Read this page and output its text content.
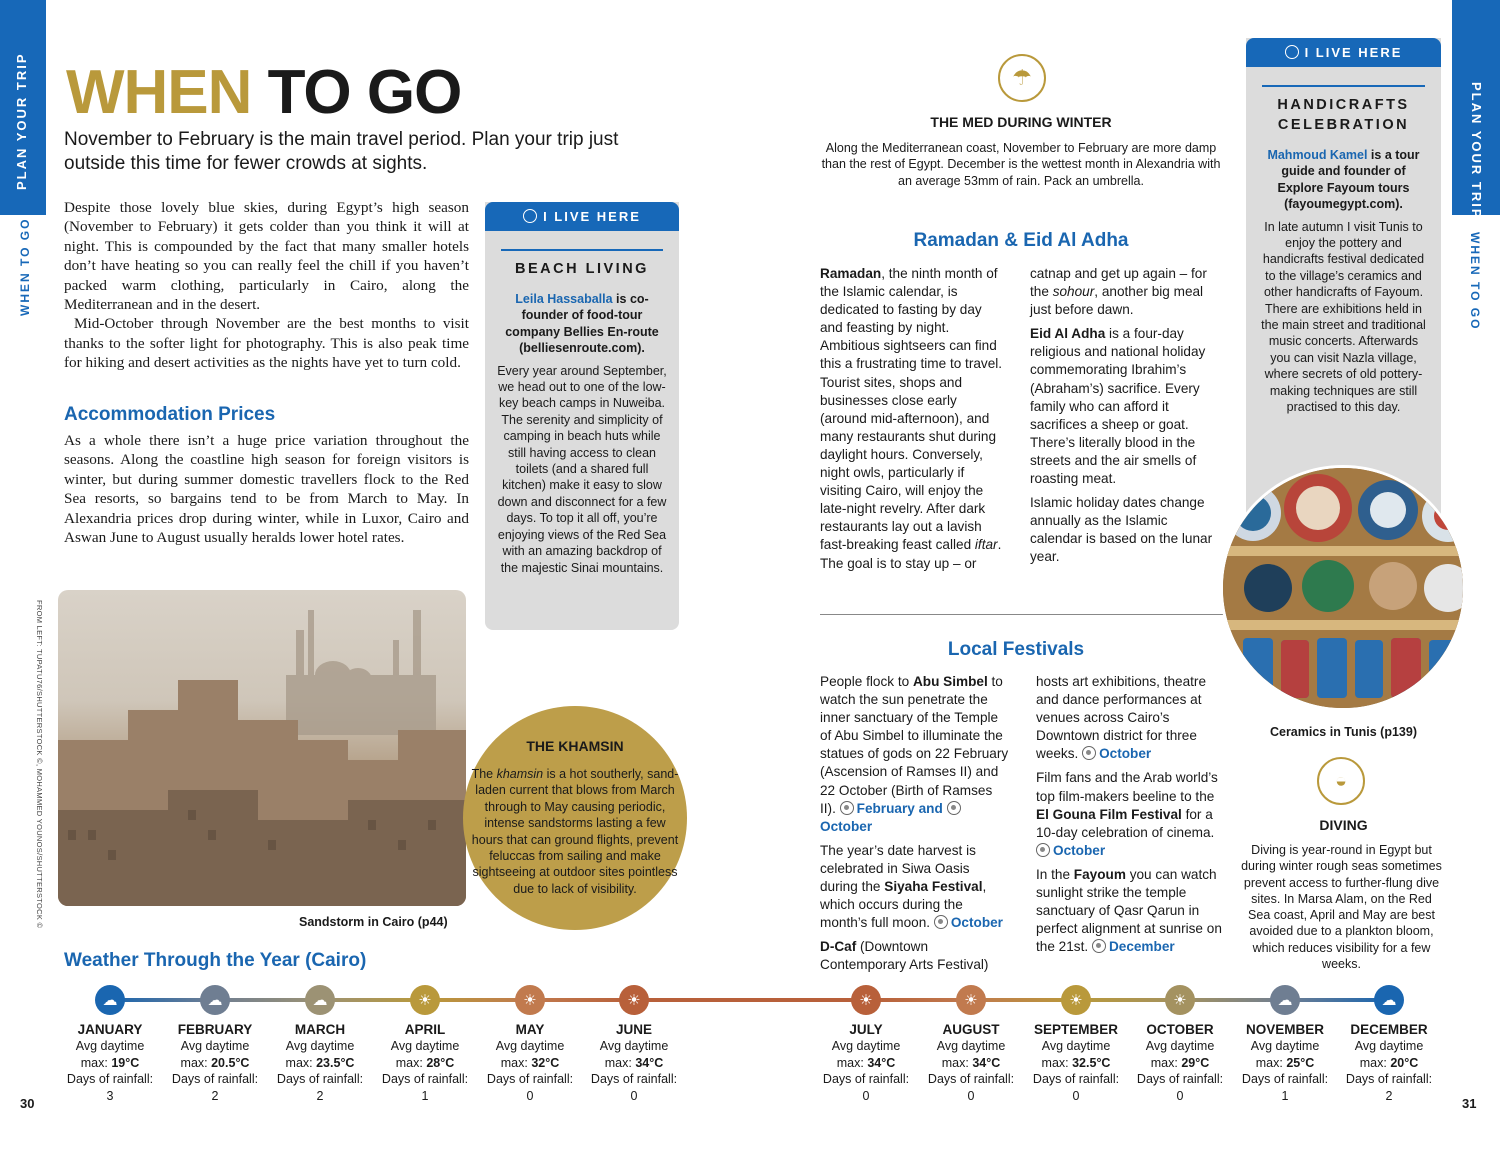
PLAN YOUR TRIP
WHEN TO GO
FROM LEFT: TUPATU76/SHUTTERSTOCK ©, MOHAMMED YOUNOS/SHUTTERSTOCK ©
PLAN YOUR TRIP
WHEN TO GO
WHEN TO GO
November to February is the main travel period. Plan your trip just outside this time for fewer crowds at sights.
Despite those lovely blue skies, during Egypt’s high season (November to February) it gets colder than you think it will at night. This is compounded by the fact that many smaller hotels don’t have heating so you can really feel the chill if you haven’t packed warm clothing, particularly in Cairo, along the Mediterranean and in the desert.
Mid-October through November are the best months to visit thanks to the softer light for photography. This is also peak time for hiking and desert activities as the nights have yet to turn cold.
Accommodation Prices
As a whole there isn’t a huge price variation throughout the seasons. Along the coastline high season for foreign visitors is winter, but during summer domestic travellers flock to the Red Sea resorts, so bargains tend to be from March to May. In Alexandria prices drop during winter, while in Luxor, Cairo and Aswan June to August usually heralds lower hotel rates.
I LIVE HERE
BEACH LIVING
Leila Hassaballa is co-founder of food-tour company Bellies En-route (belliesenroute.com).
Every year around September, we head out to one of the low-key beach camps in Nuweiba. The serenity and simplicity of camping in beach huts while still having access to clean toilets (and a shared full kitchen) make it easy to slow down and disconnect for a few days. To top it all off, you’re enjoying views of the Red Sea with an amazing backdrop of the majestic Sinai mountains.
Sandstorm in Cairo (p44)
THE KHAMSIN
The khamsin is a hot southerly, sand-laden current that blows from March through to May causing periodic, intense sandstorms lasting a few hours that can ground flights, prevent feluccas from sailing and make sightseeing at outdoor sites pointless due to lack of visibility.
Weather Through the Year (Cairo)
☁
JANUARY
Avg daytime
max: 19°C
Days of rainfall:
3
☁
FEBRUARY
Avg daytime
max: 20.5°C
Days of rainfall:
2
☁
MARCH
Avg daytime
max: 23.5°C
Days of rainfall:
2
☀
APRIL
Avg daytime
max: 28°C
Days of rainfall:
1
☀
MAY
Avg daytime
max: 32°C
Days of rainfall:
0
☀
JUNE
Avg daytime
max: 34°C
Days of rainfall:
0
☀
JULY
Avg daytime
max: 34°C
Days of rainfall:
0
☀
AUGUST
Avg daytime
max: 34°C
Days of rainfall:
0
☀
SEPTEMBER
Avg daytime
max: 32.5°C
Days of rainfall:
0
☀
OCTOBER
Avg daytime
max: 29°C
Days of rainfall:
0
☁
NOVEMBER
Avg daytime
max: 25°C
Days of rainfall:
1
☁
DECEMBER
Avg daytime
max: 20°C
Days of rainfall:
2
30	31
☂
THE MED DURING WINTER
Along the Mediterranean coast, November to February are more damp than the rest of Egypt. December is the wettest month in Alexandria with an average 53mm of rain. Pack an umbrella.
Ramadan & Eid Al Adha
Ramadan, the ninth month of the Islamic calendar, is dedicated to fasting by day and feasting by night. Ambitious sightseers can find this a frustrating time to travel. Tourist sites, shops and businesses close early (around mid-afternoon), and many restaurants shut during daylight hours. Conversely, night owls, particularly if visiting Cairo, will enjoy the late-night revelry. After dark restaurants lay out a lavish fast-breaking feast called iftar. The goal is to stay up – or catnap and get up again – for the sohour, another big meal just before dawn.
Eid Al Adha is a four-day religious and national holiday commemorating Ibrahim’s (Abraham’s) sacrifice. Every family who can afford it sacrifices a sheep or goat. There’s literally blood in the streets and the air smells of roasting meat.
Islamic holiday dates change annually as the Islamic calendar is based on the lunar year.
Local Festivals
People flock to Abu Simbel to watch the sun penetrate the inner sanctuary of the Temple of Abu Simbel to illuminate the statues of gods on 22 February (Ascension of Ramses II) and 22 October (Birth of Ramses II). February and October
The year’s date harvest is celebrated in Siwa Oasis during the Siyaha Festival, which occurs during the month’s full moon. October
D-Caf (Downtown Contemporary Arts Festival) hosts art exhibitions, theatre and dance performances at venues across Cairo’s Downtown district for three weeks. October
Film fans and the Arab world’s top film-makers beeline to the El Gouna Film Festival for a 10-day celebration of cinema. October
In the Fayoum you can watch sunlight strike the temple sanctuary of Qasr Qarun in perfect alignment at sunrise on the 21st. December
I LIVE HERE
HANDICRAFTS
CELEBRATION
Mahmoud Kamel is a tour guide and founder of Explore Fayoum tours (fayoumegypt.com).
In late autumn I visit Tunis to enjoy the pottery and handicrafts festival dedicated to the village’s ceramics and other handicrafts of Fayoum. There are exhibitions held in the main street and traditional music concerts. Afterwards you can visit Nazla village, where secrets of old pottery-making techniques are still practised to this day.
Ceramics in Tunis (p139)
◒
DIVING
Diving is year-round in Egypt but during winter rough seas sometimes prevent access to further-flung dive sites. In Marsa Alam, on the Red Sea coast, April and May are best avoided due to a plankton bloom, which reduces visibility for a few weeks.
